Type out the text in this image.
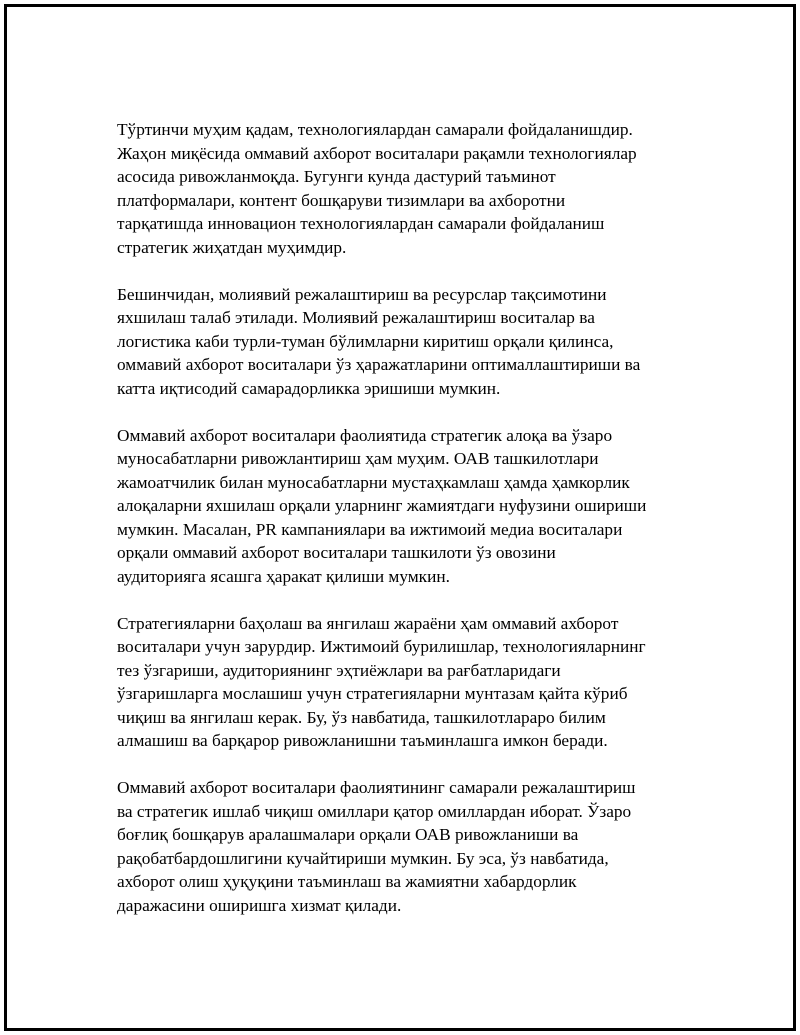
Тўртинчи муҳим қадам, технологиялардан самарали фойдаланишдир.
Жаҳон миқёсида оммавий ахборот воситалари рақамли технологиялар
асосида ривожланмоқда. Бугунги кунда дастурий таъминот
платформалари, контент бошқаруви тизимлари ва ахборотни
тарқатишда инновацион технологиялардан самарали фойдаланиш
стратегик жиҳатдан муҳимдир.

Бешинчидан, молиявий режалаштириш ва ресурслар тақсимотини
яхшилаш талаб этилади. Молиявий режалаштириш воситалар ва
логистика каби турли-туман бўлимларни киритиш орқали қилинса,
оммавий ахборот воситалари ўз ҳаражатларини оптималлаштириши ва
катта иқтисодий самарадорликка эришиши мумкин.

Оммавий ахборот воситалари фаолиятида стратегик алоқа ва ўзаро
муносабатларни ривожлантириш ҳам муҳим. ОАВ ташкилотлари
жамоатчилик билан муносабатларни мустаҳкамлаш ҳамда ҳамкорлик
алоқаларни яхшилаш орқали уларнинг жамиятдаги нуфузини ошириши
мумкин. Масалан, PR кампаниялари ва ижтимоий медиа воситалари
орқали оммавий ахборот воситалари ташкилоти ўз овозини
аудиторияга ясашга ҳаракат қилиши мумкин.

Стратегияларни баҳолаш ва янгилаш жараёни ҳам оммавий ахборот
воситалари учун зарурдир. Ижтимоий бурилишлар, технологияларнинг
тез ўзгариши, аудиториянинг эҳтиёжлари ва рағбатларидаги
ўзгаришларга мослашиш учун стратегияларни мунтазам қайта кўриб
чиқиш ва янгилаш керак. Бу, ўз навбатида, ташкилотлараро билим
алмашиш ва барқарор ривожланишни таъминлашга имкон беради.

Оммавий ахборот воситалари фаолиятининг самарали режалаштириш
ва стратегик ишлаб чиқиш омиллари қатор омиллардан иборат. Ўзаро
боғлиқ бошқарув аралашмалари орқали ОАВ ривожланиши ва
рақобатбардошлигини кучайтириши мумкин. Бу эса, ўз навбатида,
ахборот олиш ҳуқуқини таъминлаш ва жамиятни хабардорлик
даражасини оширишга хизмат қилади.
